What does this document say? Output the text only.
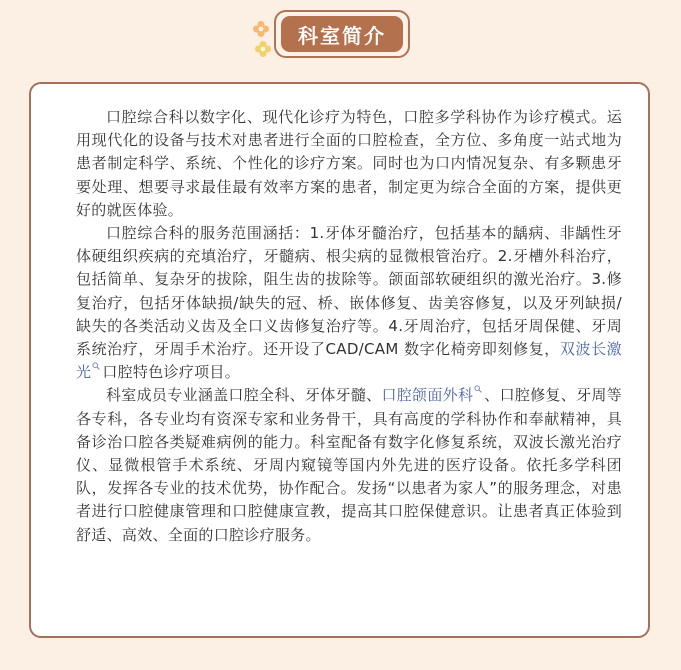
科室简介

口腔综合科以数字化、现代化诊疗为特色，口腔多学科协作为诊疗模式。运用现代化的设备与技术对患者进行全面的口腔检查，全方位、多角度一站式地为患者制定科学、系统、个性化的诊疗方案。同时也为口内情况复杂、有多颗患牙要处理、想要寻求最佳最有效率方案的患者，制定更为综合全面的方案，提供更好的就医体验。

口腔综合科的服务范围涵括：1.牙体牙髓治疗，包括基本的龋病、非龋性牙体硬组织疾病的充填治疗，牙髓病、根尖病的显微根管治疗。2.牙槽外科治疗，包括简单、复杂牙的拔除，阻生齿的拔除等。颌面部软硬组织的激光治疗。3.修复治疗，包括牙体缺损/缺失的冠、桥、嵌体修复、齿美容修复，以及牙列缺损/缺失的各类活动义齿及全口义齿修复治疗等。4.牙周治疗，包括牙周保健、牙周系统治疗，牙周手术治疗。还开设了CAD/CAM 数字化椅旁即刻修复，双波长激光 口腔特色诊疗项目。

科室成员专业涵盖口腔全科、牙体牙髓、口腔颌面外科 、口腔修复、牙周等各专科，各专业均有资深专家和业务骨干，具有高度的学科协作和奉献精神，具备诊治口腔各类疑难病例的能力。科室配备有数字化修复系统，双波长激光治疗仪、显微根管手术系统、牙周内窥镜等国内外先进的医疗设备。依托多学科团队，发挥各专业的技术优势，协作配合。发扬“以患者为家人”的服务理念，对患者进行口腔健康管理和口腔健康宣教，提高其口腔保健意识。让患者真正体验到舒适、高效、全面的口腔诊疗服务。
